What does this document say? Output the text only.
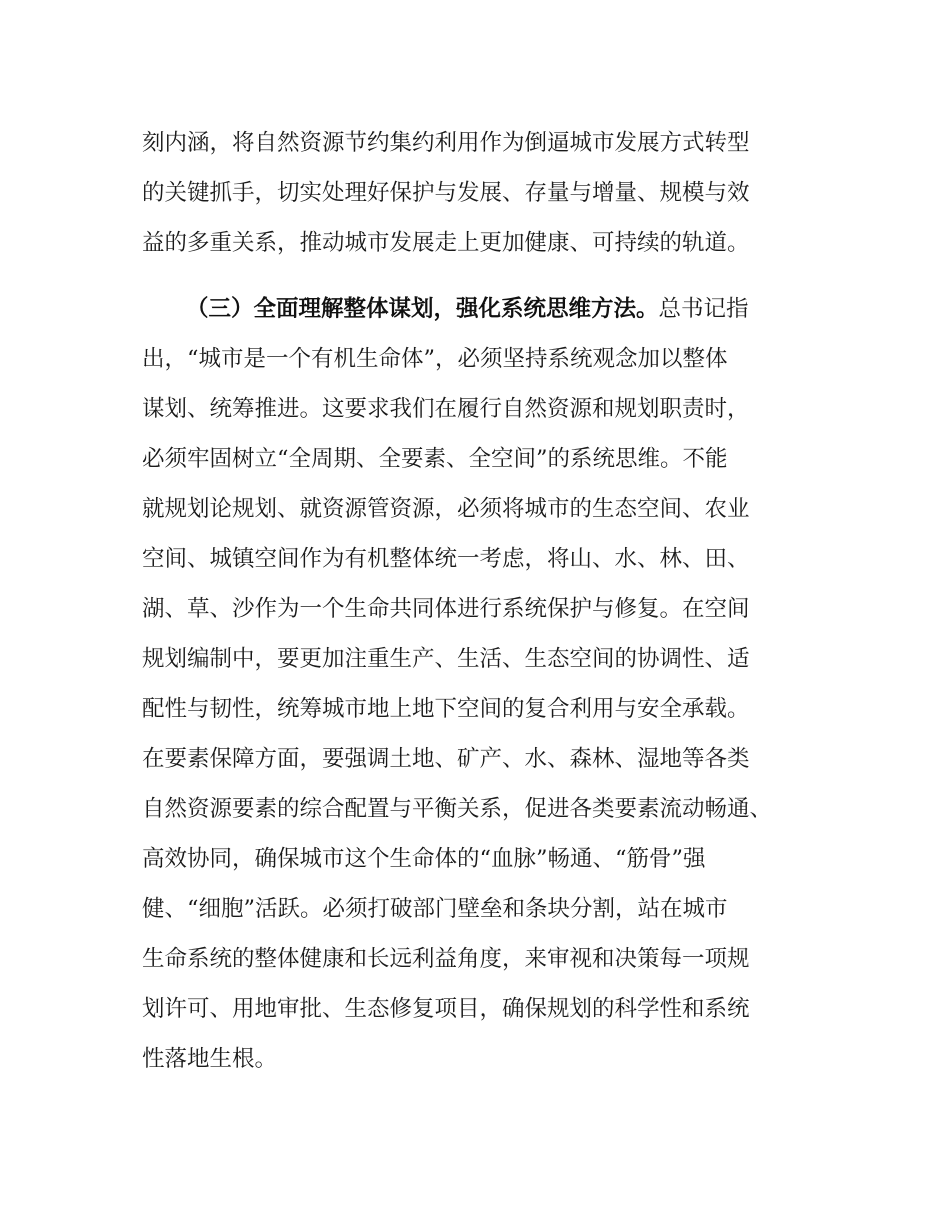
刻内涵，将自然资源节约集约利用作为倒逼城市发展方式转型
的关键抓手，切实处理好保护与发展、存量与增量、规模与效
益的多重关系，推动城市发展走上更加健康、可持续的轨道。
（三）全面理解整体谋划，强化系统思维方法。总书记指
出，“城市是一个有机生命体”，必须坚持系统观念加以整体
谋划、统筹推进。这要求我们在履行自然资源和规划职责时，
必须牢固树立“全周期、全要素、全空间”的系统思维。不能
就规划论规划、就资源管资源，必须将城市的生态空间、农业
空间、城镇空间作为有机整体统一考虑，将山、水、林、田、
湖、草、沙作为一个生命共同体进行系统保护与修复。在空间
规划编制中，要更加注重生产、生活、生态空间的协调性、适
配性与韧性，统筹城市地上地下空间的复合利用与安全承载。
在要素保障方面，要强调土地、矿产、水、森林、湿地等各类
自然资源要素的综合配置与平衡关系，促进各类要素流动畅通、
高效协同，确保城市这个生命体的“血脉”畅通、“筋骨”强
健、“细胞”活跃。必须打破部门壁垒和条块分割，站在城市
生命系统的整体健康和长远利益角度，来审视和决策每一项规
划许可、用地审批、生态修复项目，确保规划的科学性和系统
性落地生根。
